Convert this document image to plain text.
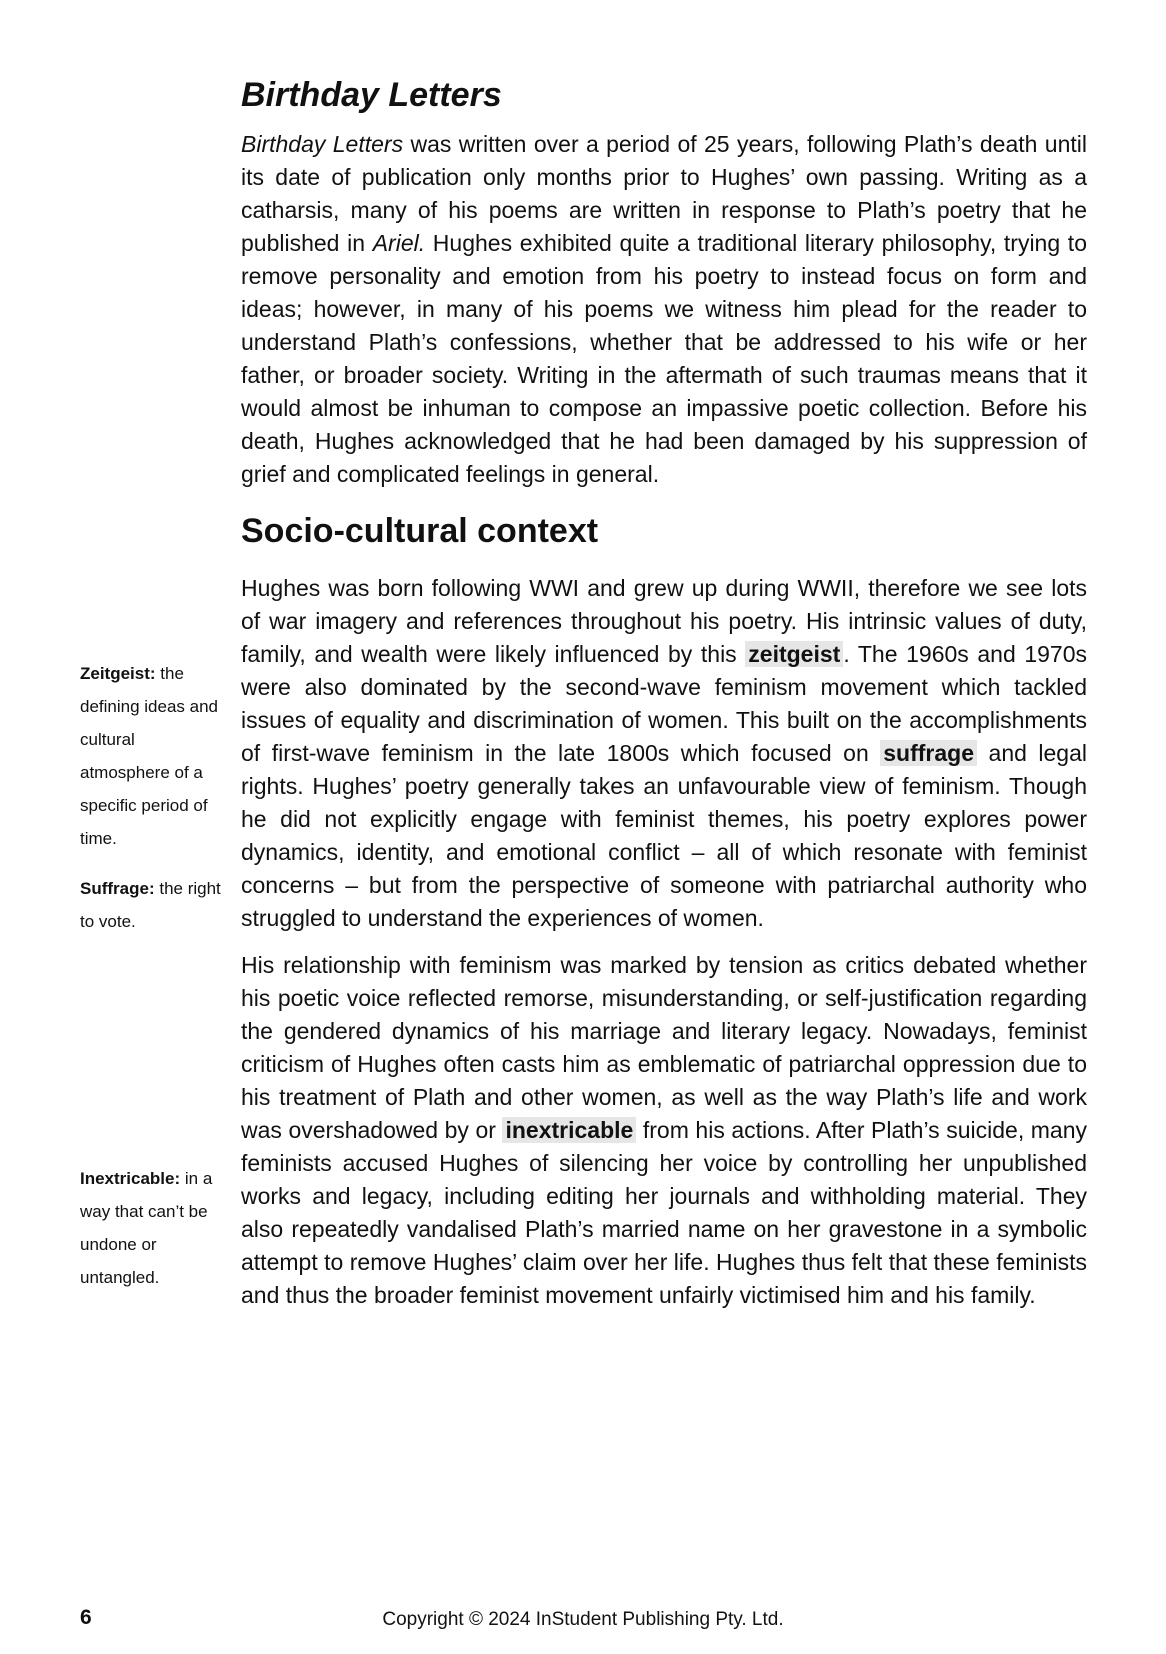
Birthday Letters

Birthday Letters was written over a period of 25 years, following Plath’s death until its date of publication only months prior to Hughes’ own passing. Writing as a catharsis, many of his poems are written in response to Plath’s poetry that he published in Ariel. Hughes exhibited quite a traditional literary philosophy, trying to remove personality and emotion from his poetry to instead focus on form and ideas; however, in many of his poems we witness him plead for the reader to understand Plath’s confessions, whether that be addressed to his wife or her father, or broader society. Writing in the aftermath of such traumas means that it would almost be inhuman to compose an impassive poetic collection. Before his death, Hughes acknowledged that he had been damaged by his suppression of grief and complicated feelings in general.

Socio-cultural context

Hughes was born following WWI and grew up during WWII, therefore we see lots of war imagery and references throughout his poetry. His intrinsic values of duty, family, and wealth were likely influenced by this zeitgeist . The 1960s and 1970s were also dominated by the second-wave feminism movement which tackled issues of equality and discrimination of women. This built on the accomplishments of first-wave feminism in the late 1800s which focused on suffrage and legal rights. Hughes’ poetry generally takes an unfavourable view of feminism. Though he did not explicitly engage with feminist themes, his poetry explores power dynamics, identity, and emotional conflict – all of which resonate with feminist concerns – but from the perspective of someone with patriarchal authority who struggled to understand the experiences of women.

His relationship with feminism was marked by tension as critics debated whether his poetic voice reflected remorse, misunderstanding, or self-justification regarding the gendered dynamics of his marriage and literary legacy. Nowadays, feminist criticism of Hughes often casts him as emblematic of patriarchal oppression due to his treatment of Plath and other women, as well as the way Plath’s life and work was overshadowed by or inextricable from his actions. After Plath’s suicide, many feminists accused Hughes of silencing her voice by controlling her unpublished works and legacy, including editing her journals and withholding material. They also repeatedly vandalised Plath’s married name on her gravestone in a symbolic attempt to remove Hughes’ claim over her life. Hughes thus felt that these feminists and thus the broader feminist movement unfairly victimised him and his family.

Zeitgeist: the defining ideas and cultural atmosphere of a specific period of time.
Suffrage: the right to vote.
Inextricable: in a way that can’t be undone or untangled.
6	Copyright © 2024 InStudent Publishing Pty. Ltd.
